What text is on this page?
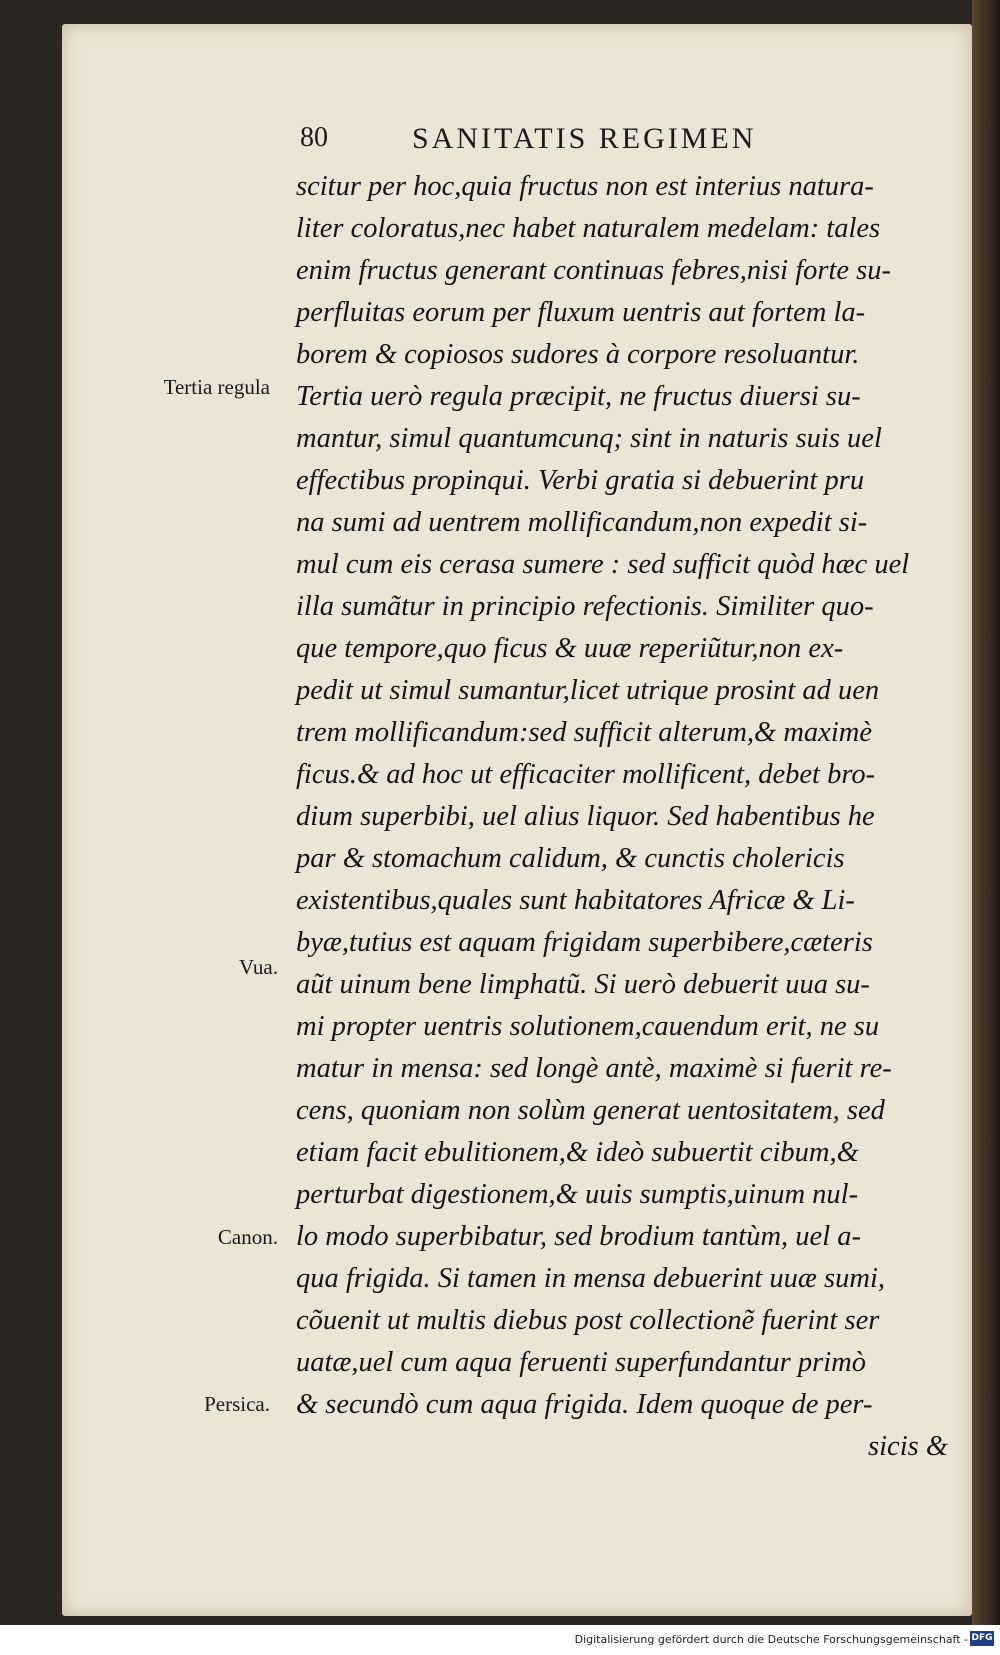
80	SANITATIS REGIMEN
Tertia regula
Vua.
Canon.
Persica.
scitur per hoc,quia fructus non est interius natura-
liter coloratus,nec habet naturalem medelam: tales
enim fructus generant continuas febres,nisi forte su-
perfluitas eorum per fluxum uentris aut fortem la-
borem & copiosos sudores à corpore resoluantur.
Tertia uerò regula præcipit, ne fructus diuersi su-
mantur, simul quantumcunq; sint in naturis suis uel
effectibus propinqui. Verbi gratia si debuerint pru
na sumi ad uentrem mollificandum,non expedit si-
mul cum eis cerasa sumere : sed sufficit quòd hæc uel
illa sumãtur in principio refectionis. Similiter quo-
que tempore,quo ficus & uuæ reperiũtur,non ex-
pedit ut simul sumantur,licet utrique prosint ad uen
trem mollificandum:sed sufficit alterum,& maximè
ficus.& ad hoc ut efficaciter mollificent, debet bro-
dium superbibi, uel alius liquor. Sed habentibus he
par & stomachum calidum, & cunctis cholericis
existentibus,quales sunt habitatores Africæ & Li-
byæ,tutius est aquam frigidam superbibere,cæteris
aũt uinum bene limphatũ. Si uerò debuerit uua su-
mi propter uentris solutionem,cauendum erit, ne su
matur in mensa: sed longè antè, maximè si fuerit re-
cens, quoniam non solùm generat uentositatem, sed
etiam facit ebulitionem,& ideò subuertit cibum,&
perturbat digestionem,& uuis sumptis,uinum nul-
lo modo superbibatur, sed brodium tantùm, uel a-
qua frigida. Si tamen in mensa debuerint uuæ sumi,
cõuenit ut multis diebus post collectionẽ fuerint ser
uatæ,uel cum aqua feruenti superfundantur primò
& secundò cum aqua frigida. Idem quoque de per-
sicis &
Digitalisierung gefördert durch die Deutsche Forschungsgemeinschaft - DFG
